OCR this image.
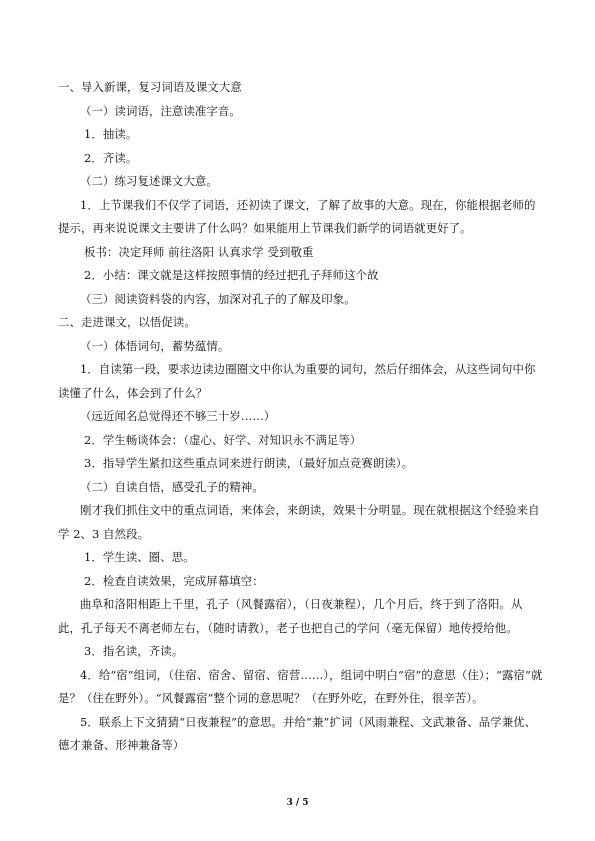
一、导入新课，复习词语及课文大意
（一）读词语，注意读准字音。
1．抽读。
2．齐读。
（二）练习复述课文大意。
1．上节课我们不仅学了词语，还初读了课文，了解了故事的大意。现在，你能根据老师的提示，再来说说课文主要讲了什么吗？如果能用上节课我们新学的词语就更好了。
板书：决定拜师 前往洛阳 认真求学 受到敬重
2．小结：课文就是这样按照事情的经过把孔子拜师这个故
（三）阅读资料袋的内容，加深对孔子的了解及印象。
二、走进课文，以悟促读。
（一）体悟词句，蓄势蕴情。
1．自读第一段，要求边读边圈圈文中你认为重要的词句，然后仔细体会，从这些词句中你读懂了什么，体会到了什么？
（远近闻名总觉得还不够三十岁……）
2．学生畅谈体会：（虚心、好学、对知识永不满足等）
3．指导学生紧扣这些重点词来进行朗读，（最好加点竞赛朗读）。
（二）自读自悟，感受孔子的精神。
刚才我们抓住文中的重点词语，来体会，来朗读，效果十分明显。现在就根据这个经验来自学 2、3 自然段。
1．学生读、圈、思。
2．检查自读效果，完成屏幕填空：
曲阜和洛阳相距上千里，孔子（风餐露宿），（日夜兼程），几个月后，终于到了洛阳。从此，孔子每天不离老师左右，（随时请教），老子也把自己的学问（毫无保留）地传授给他。
3．指名读，齐读。
4．给“宿”组词，（住宿、宿舍、留宿、宿营……），组词中明白“宿”的意思（住）；“露宿”就是？（住在野外）。“风餐露宿”整个词的意思呢？（在野外吃，在野外住，很辛苦）。
5．联系上下文猜猜“日夜兼程”的意思。并给“兼”扩词（风雨兼程、文武兼备、品学兼优、德才兼备、形神兼备等）
3 / 5
